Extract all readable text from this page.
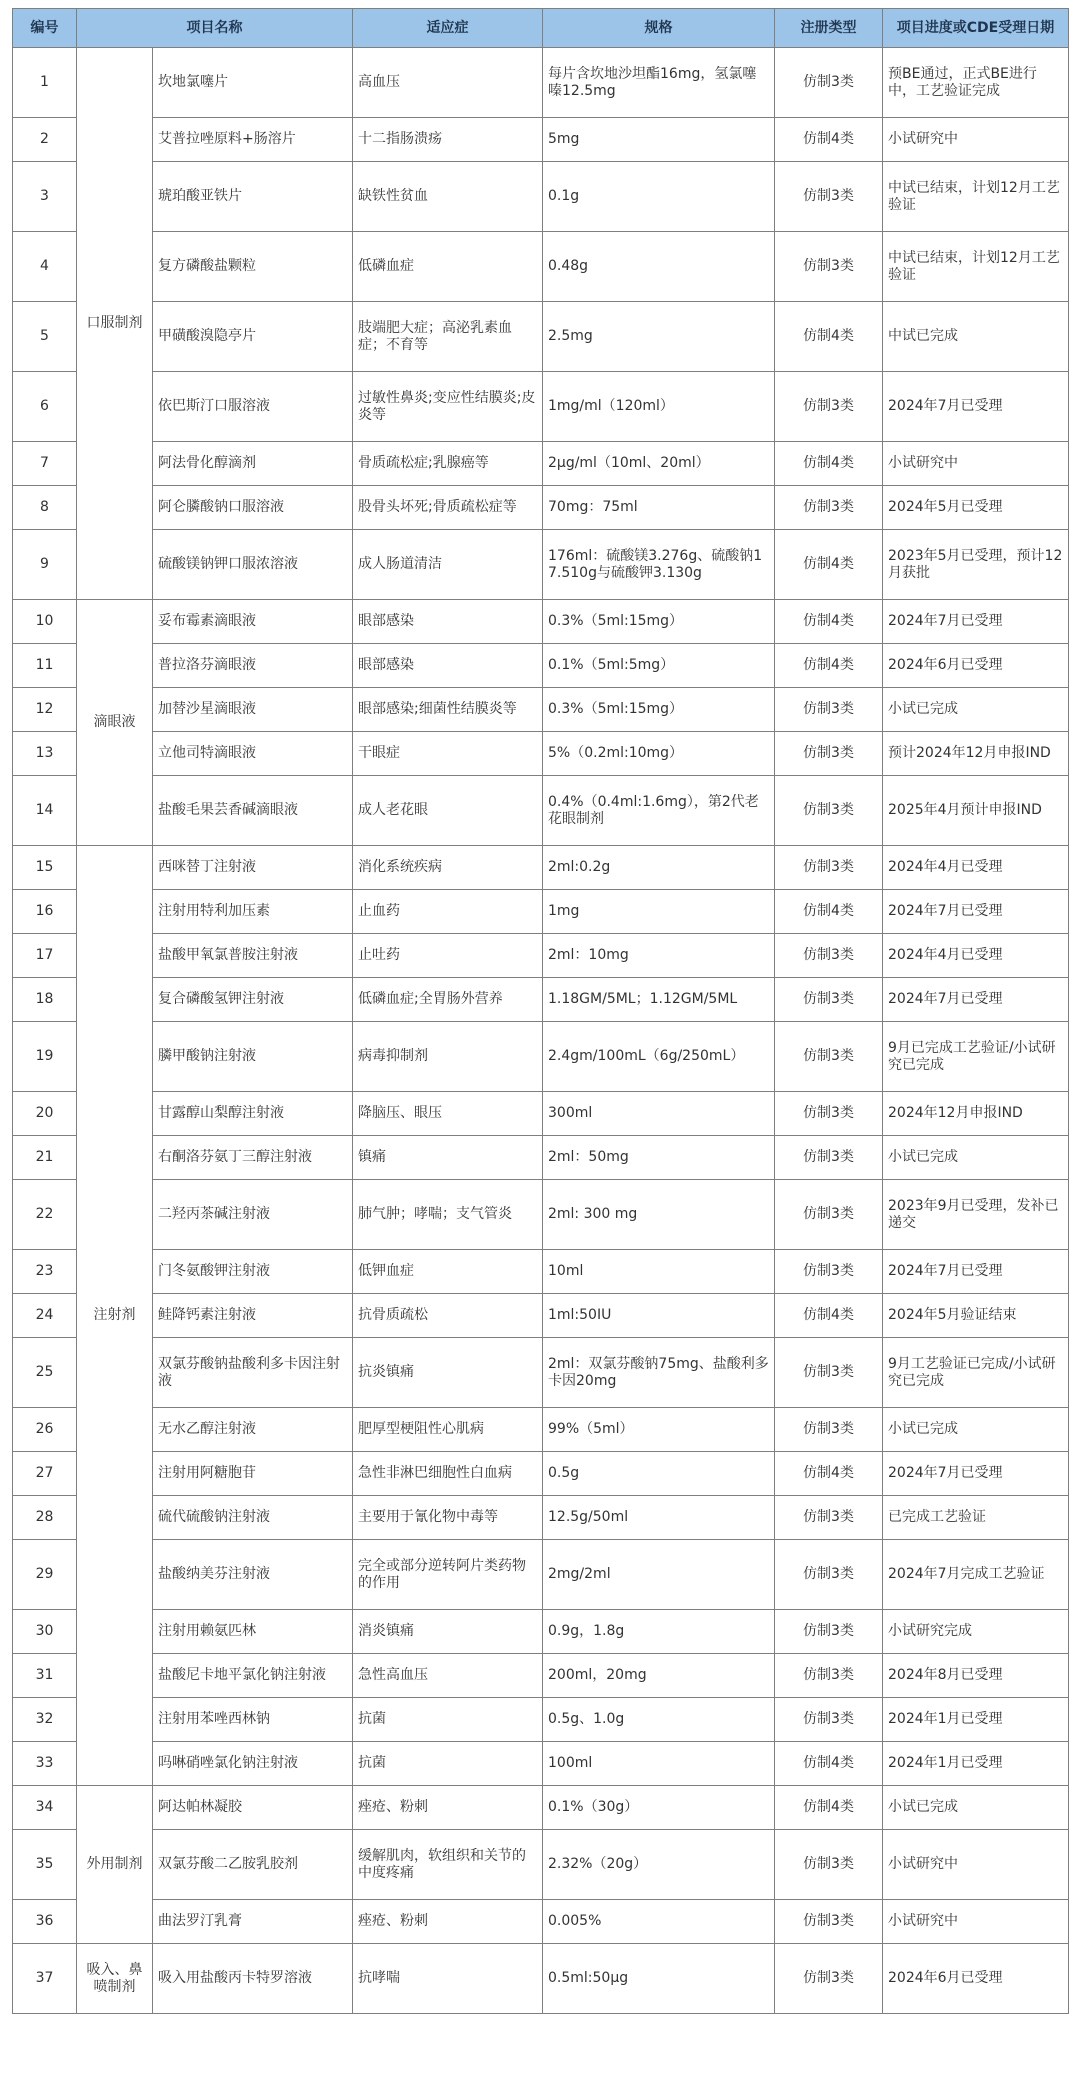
编号	项目名称		适应症	规格	注册类型	项目进度或CDE受理日期
1	口服制剂	坎地氯噻片	高血压	每片含坎地沙坦酯16mg，氢氯噻嗪12.5mg	仿制3类	预BE通过，正式BE进行中，工艺验证完成
2		艾普拉唑原料+肠溶片	十二指肠溃疡	5mg	仿制4类	小试研究中
3		琥珀酸亚铁片	缺铁性贫血	0.1g	仿制3类	中试已结束，计划12月工艺验证
4		复方磷酸盐颗粒	低磷血症	0.48g	仿制3类	中试已结束，计划12月工艺验证
5		甲磺酸溴隐亭片	肢端肥大症；高泌乳素血症；不育等	2.5mg	仿制4类	中试已完成
6		依巴斯汀口服溶液	过敏性鼻炎;变应性结膜炎;皮炎等	1mg/ml（120ml）	仿制3类	2024年7月已受理
7		阿法骨化醇滴剂	骨质疏松症;乳腺癌等	2μg/ml（10ml、20ml）	仿制4类	小试研究中
8		阿仑膦酸钠口服溶液	股骨头坏死;骨质疏松症等	70mg：75ml	仿制3类	2024年5月已受理
9		硫酸镁钠钾口服浓溶液	成人肠道清洁	176ml：硫酸镁3.276g、硫酸钠17.510g与硫酸钾3.130g	仿制4类	2023年5月已受理，预计12月获批
10	滴眼液	妥布霉素滴眼液	眼部感染	0.3%（5ml:15mg）	仿制4类	2024年7月已受理
11		普拉洛芬滴眼液	眼部感染	0.1%（5ml:5mg）	仿制4类	2024年6月已受理
12		加替沙星滴眼液	眼部感染;细菌性结膜炎等	0.3%（5ml:15mg）	仿制3类	小试已完成
13		立他司特滴眼液	干眼症	5%（0.2ml:10mg）	仿制3类	预计2024年12月申报IND
14		盐酸毛果芸香碱滴眼液	成人老花眼	0.4%（0.4ml:1.6mg），第2代老花眼制剂	仿制3类	2025年4月预计申报IND
15	注射剂	西咪替丁注射液	消化系统疾病	2ml:0.2g	仿制3类	2024年4月已受理
16		注射用特利加压素	止血药	1mg	仿制4类	2024年7月已受理
17		盐酸甲氧氯普胺注射液	止吐药	2ml：10mg	仿制3类	2024年4月已受理
18		复合磷酸氢钾注射液	低磷血症;全胃肠外营养	1.18GM/5ML；1.12GM/5ML	仿制3类	2024年7月已受理
19		膦甲酸钠注射液	病毒抑制剂	2.4gm/100mL（6g/250mL）	仿制3类	9月已完成工艺验证/小试研究已完成
20		甘露醇山梨醇注射液	降脑压、眼压	300ml	仿制3类	2024年12月申报IND
21		右酮洛芬氨丁三醇注射液	镇痛	2ml：50mg	仿制3类	小试已完成
22		二羟丙茶碱注射液	肺气肿；哮喘；支气管炎	2ml: 300 mg	仿制3类	2023年9月已受理，发补已递交
23		门冬氨酸钾注射液	低钾血症	10ml	仿制3类	2024年7月已受理
24		鲑降钙素注射液	抗骨质疏松	1ml:50IU	仿制4类	2024年5月验证结束
25		双氯芬酸钠盐酸利多卡因注射液	抗炎镇痛	2ml：双氯芬酸钠75mg、盐酸利多卡因20mg	仿制3类	9月工艺验证已完成/小试研究已完成
26		无水乙醇注射液	肥厚型梗阻性心肌病	99%（5ml）	仿制3类	小试已完成
27		注射用阿糖胞苷	急性非淋巴细胞性白血病	0.5g	仿制4类	2024年7月已受理
28		硫代硫酸钠注射液	主要用于氰化物中毒等	12.5g/50ml	仿制3类	已完成工艺验证
29		盐酸纳美芬注射液	完全或部分逆转阿片类药物的作用	2mg/2ml	仿制3类	2024年7月完成工艺验证
30		注射用赖氨匹林	消炎镇痛	0.9g，1.8g	仿制3类	小试研究完成
31		盐酸尼卡地平氯化钠注射液	急性高血压	200ml，20mg	仿制3类	2024年8月已受理
32		注射用苯唑西林钠	抗菌	0.5g、1.0g	仿制3类	2024年1月已受理
33		吗啉硝唑氯化钠注射液	抗菌	100ml	仿制4类	2024年1月已受理
34	外用制剂	阿达帕林凝胶	痤疮、粉刺	0.1%（30g）	仿制4类	小试已完成
35		双氯芬酸二乙胺乳胶剂	缓解肌肉，软组织和关节的中度疼痛	2.32%（20g）	仿制3类	小试研究中
36		曲法罗汀乳膏	痤疮、粉刺	0.005%	仿制3类	小试研究中
37	吸入、鼻喷制剂	吸入用盐酸丙卡特罗溶液	抗哮喘	0.5ml:50μg	仿制3类	2024年6月已受理
